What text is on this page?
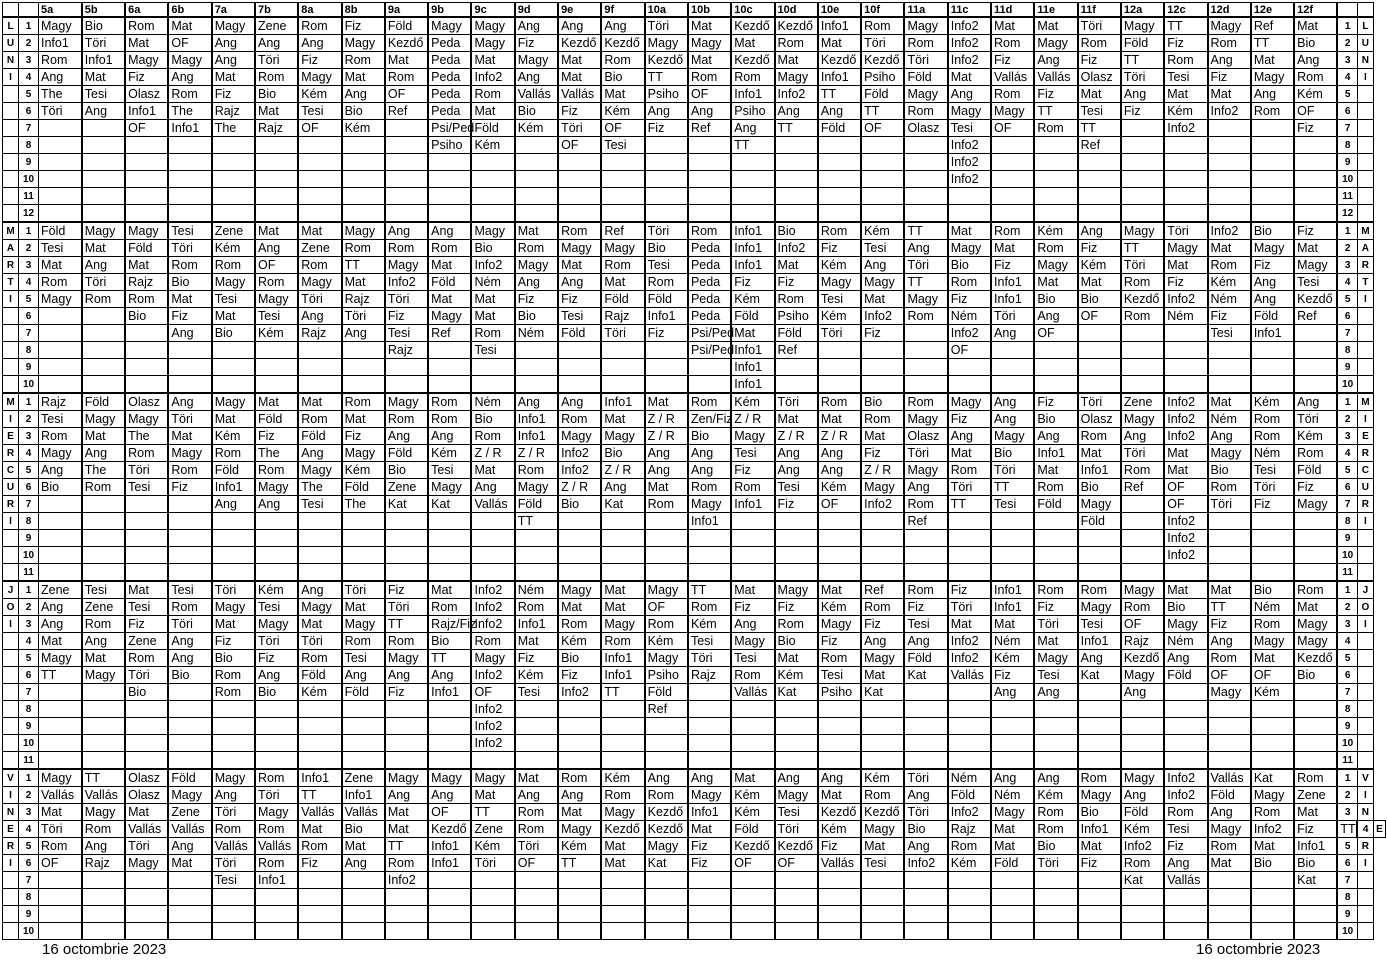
		5a	5b	6a	6b	7a	7b	8a	8b	9a	9b	9c	9d	9e	9f	10a	10b	10c	10d	10e	10f	11a	11c	11d	11e	11f	12a	12c	12d	12e	12f			
L	1	Magy	Bio	Rom	Mat	Magy	Zene	Rom	Fiz	Föld	Magy	Magy	Ang	Ang	Ang	Töri	Mat	Kezdő	Kezdő	Info1	Rom	Magy	Info2	Mat	Mat	Töri	Magy	TT	Magy	Ref	Mat	1	L	
U	2	Info1	Töri	Mat	OF	Ang	Ang	Ang	Magy	Kezdő	Peda	Magy	Fiz	Kezdő	Kezdő	Magy	Magy	Mat	Rom	Mat	Töri	Rom	Info2	Rom	Magy	Rom	Föld	Fiz	Rom	TT	Bio	2	U	
N	3	Rom	Info1	Magy	Magy	Ang	Töri	Fiz	Rom	Mat	Peda	Mat	Magy	Mat	Rom	Kezdő	Mat	Kezdő	Mat	Kezdő	Kezdő	Töri	Info2	Fiz	Ang	Fiz	TT	Rom	Ang	Mat	Ang	3	N	
I	4	Ang	Mat	Fiz	Ang	Mat	Rom	Magy	Mat	Rom	Peda	Info2	Ang	Mat	Bio	TT	Rom	Rom	Magy	Info1	Psiho	Föld	Mat	Vallás	Vallás	Olasz	Töri	Tesi	Fiz	Magy	Rom	4	I	
	5	The	Tesi	Olasz	Rom	Fiz	Bio	Kém	Ang	OF	Peda	Rom	Vallás	Vallás	Mat	Psiho	OF	Info1	Info2	TT	Föld	Magy	Ang	Rom	Fiz	Mat	Ang	Mat	Mat	Ang	Kém	5		
	6	Töri	Ang	Info1	The	Rajz	Mat	Tesi	Bio	Ref	Peda	Mat	Bio	Fiz	Kém	Ang	Ang	Psiho	Ang	Ang	TT	Rom	Magy	Magy	TT	Tesi	Fiz	Kém	Info2	Rom	OF	6		
	7			OF	Info1	The	Rajz	OF	Kém		Psi/Ped	Föld	Kém	Töri	OF	Fiz	Ref	Ang	TT	Föld	OF	Olasz	Tesi	OF	Rom	TT		Info2			Fiz	7		
	8										Psiho	Kém		OF	Tesi			TT					Info2			Ref						8		
	9																						Info2									9		
	10																						Info2									10		
	11																															11		
	12																															12		
M	1	Föld	Magy	Magy	Tesi	Zene	Mat	Mat	Magy	Ang	Ang	Magy	Mat	Rom	Ref	Töri	Rom	Info1	Bio	Rom	Kém	TT	Mat	Rom	Kém	Ang	Magy	Töri	Info2	Bio	Fiz	1	M	
A	2	Tesi	Mat	Föld	Töri	Kém	Ang	Zene	Rom	Rom	Rom	Bio	Rom	Magy	Magy	Bio	Peda	Info1	Info2	Fiz	Tesi	Ang	Magy	Mat	Rom	Fiz	TT	Magy	Mat	Magy	Mat	2	A	
R	3	Mat	Ang	Mat	Rom	Rom	OF	Rom	TT	Magy	Mat	Info2	Magy	Mat	Rom	Tesi	Peda	Info1	Mat	Kém	Ang	Töri	Bio	Fiz	Magy	Kém	Töri	Mat	Rom	Fiz	Magy	3	R	
T	4	Rom	Töri	Rajz	Bio	Magy	Rom	Magy	Mat	Info2	Föld	Ném	Ang	Ang	Mat	Rom	Peda	Fiz	Fiz	Magy	Magy	TT	Rom	Info1	Mat	Mat	Rom	Fiz	Kém	Ang	Tesi	4	T	
I	5	Magy	Rom	Rom	Mat	Tesi	Magy	Töri	Rajz	Töri	Mat	Mat	Fiz	Fiz	Föld	Föld	Peda	Kém	Rom	Tesi	Mat	Magy	Fiz	Info1	Bio	Bio	Kezdő	Info2	Ném	Ang	Kezdő	5	I	
	6			Bio	Fiz	Mat	Tesi	Ang	Töri	Fiz	Magy	Mat	Bio	Tesi	Rajz	Info1	Peda	Föld	Psiho	Kém	Info2	Rom	Ném	Töri	Ang	OF	Rom	Ném	Fiz	Föld	Ref	6		
	7				Ang	Bio	Kém	Rajz	Ang	Tesi	Ref	Rom	Ném	Föld	Töri	Fiz	Psi/Ped	Mat	Föld	Töri	Fiz		Info2	Ang	OF				Tesi	Info1		7		
	8									Rajz		Tesi					Psi/Ped	Info1	Ref				OF									8		
	9																	Info1														9		
	10																	Info1														10		
M	1	Rajz	Föld	Olasz	Ang	Magy	Mat	Mat	Rom	Magy	Rom	Ném	Ang	Ang	Info1	Mat	Rom	Kém	Töri	Rom	Bio	Rom	Magy	Ang	Fiz	Töri	Zene	Info2	Mat	Kém	Ang	1	M	
I	2	Tesi	Magy	Magy	Töri	Mat	Föld	Rom	Mat	Rom	Rom	Bio	Info1	Rom	Mat	Z / R	Zen/Fiz	Z / R	Mat	Mat	Rom	Magy	Fiz	Ang	Bio	Olasz	Magy	Info2	Ném	Rom	Töri	2	I	
E	3	Rom	Mat	The	Mat	Kém	Fiz	Föld	Fiz	Ang	Ang	Rom	Info1	Magy	Magy	Z / R	Bio	Magy	Z / R	Z / R	Mat	Olasz	Ang	Magy	Ang	Rom	Ang	Info2	Ang	Rom	Kém	3	E	
R	4	Magy	Ang	Rom	Magy	Rom	The	Ang	Magy	Föld	Kém	Z / R	Z / R	Info2	Bio	Ang	Ang	Tesi	Ang	Ang	Fiz	Töri	Mat	Bio	Info1	Mat	Töri	Mat	Magy	Ném	Rom	4	R	
C	5	Ang	The	Töri	Rom	Föld	Rom	Magy	Kém	Bio	Tesi	Mat	Rom	Info2	Z / R	Ang	Ang	Fiz	Ang	Ang	Z / R	Magy	Rom	Töri	Mat	Info1	Rom	Mat	Bio	Tesi	Föld	5	C	
U	6	Bio	Rom	Tesi	Fiz	Info1	Magy	The	Föld	Zene	Magy	Ang	Magy	Z / R	Ang	Mat	Rom	Rom	Tesi	Kém	Magy	Ang	Töri	TT	Rom	Bio	Ref	OF	Rom	Töri	Fiz	6	U	
R	7					Ang	Ang	Tesi	The	Kat	Kat	Vallás	Föld	Bio	Kat	Rom	Magy	Info1	Fiz	OF	Info2	Rom	TT	Tesi	Föld	Magy		OF	Töri	Fiz	Magy	7	R	
I	8												TT				Info1					Ref				Föld		Info2				8	I	
	9																											Info2				9		
	10																											Info2				10		
	11																															11		
J	1	Zene	Tesi	Mat	Tesi	Töri	Kém	Ang	Töri	Fiz	Mat	Info2	Ném	Magy	Mat	Magy	TT	Mat	Magy	Mat	Ref	Rom	Fiz	Info1	Rom	Rom	Magy	Mat	Mat	Bio	Rom	1	J	
O	2	Ang	Zene	Tesi	Rom	Magy	Tesi	Magy	Mat	Töri	Rom	Info2	Rom	Mat	Mat	OF	Rom	Fiz	Fiz	Kém	Rom	Fiz	Töri	Info1	Fiz	Magy	Rom	Bio	TT	Ném	Mat	2	O	
I	3	Ang	Rom	Fiz	Töri	Mat	Magy	Mat	Magy	TT	Rajz/Fiz	Info2	Info1	Rom	Magy	Rom	Kém	Ang	Rom	Magy	Fiz	Tesi	Mat	Mat	Töri	Tesi	OF	Magy	Fiz	Rom	Magy	3	I	
	4	Mat	Ang	Zene	Ang	Fiz	Töri	Töri	Rom	Rom	Bio	Rom	Mat	Kém	Rom	Kém	Tesi	Magy	Bio	Fiz	Ang	Ang	Info2	Ném	Mat	Info1	Rajz	Ném	Ang	Magy	Magy	4		
	5	Magy	Mat	Rom	Ang	Bio	Fiz	Rom	Tesi	Magy	TT	Magy	Fiz	Bio	Info1	Magy	Töri	Tesi	Mat	Rom	Magy	Föld	Info2	Kém	Magy	Ang	Kezdő	Ang	Rom	Mat	Kezdő	5		
	6	TT	Magy	Töri	Bio	Rom	Ang	Föld	Ang	Ang	Ang	Info2	Kém	Fiz	Info1	Psiho	Rajz	Rom	Kém	Tesi	Mat	Kat	Vallás	Fiz	Tesi	Kat	Magy	Föld	OF	OF	Bio	6		
	7			Bio		Rom	Bio	Kém	Föld	Fiz	Info1	OF	Tesi	Info2	TT	Föld		Vallás	Kat	Psiho	Kat			Ang	Ang		Ang		Magy	Kém		7		
	8											Info2				Ref																8		
	9											Info2																				9		
	10											Info2																				10		
	11																															11		
V	1	Magy	TT	Olasz	Föld	Magy	Rom	Info1	Zene	Magy	Magy	Magy	Mat	Rom	Kém	Ang	Ang	Mat	Ang	Ang	Kém	Töri	Ném	Ang	Ang	Rom	Magy	Info2	Vallás	Kat	Rom	1	V	
I	2	Vallás	Vallás	Olasz	Magy	Ang	Töri	TT	Info1	Ang	Ang	Mat	Ang	Ang	Rom	Rom	Magy	Kém	Magy	Mat	Rom	Ang	Föld	Ném	Kém	Magy	Ang	Info2	Föld	Magy	Zene	2	I	
N	3	Mat	Magy	Mat	Zene	Töri	Magy	Vallás	Vallás	Mat	OF	TT	Rom	Mat	Magy	Kezdő	Info1	Kém	Tesi	Kezdő	Kezdő	Töri	Info2	Magy	Rom	Bio	Föld	Rom	Ang	Rom	Mat	3	N	
E	4	Töri	Rom	Vallás	Vallás	Rom	Rom	Mat	Bio	Mat	Kezdő	Zene	Rom	Magy	Kezdő	Kezdő	Mat	Föld	Töri	Kém	Magy	Bio	Rajz	Mat	Rom	Info1	Kém	Tesi	Magy	Info2	Fiz	TT	4	E
R	5	Rom	Ang	Töri	Ang	Vallás	Vallás	Rom	Mat	TT	Info1	Kém	Töri	Kém	Mat	Magy	Fiz	Kezdő	Kezdő	Fiz	Mat	Ang	Rom	Mat	Bio	Mat	Info2	Fiz	Rom	Mat	Info1	5	R	
I	6	OF	Rajz	Magy	Mat	Töri	Rom	Fiz	Ang	Rom	Info1	Töri	OF	TT	Mat	Kat	Fiz	OF	OF	Vallás	Tesi	Info2	Kém	Föld	Töri	Fiz	Rom	Ang	Mat	Bio	Bio	6	I	
	7					Tesi	Info1			Info2																	Kat	Vallás			Kat	7		
	8																															8		
	9																															9		
	10																															10		
16 octombrie 2023	16 octombrie 2023
